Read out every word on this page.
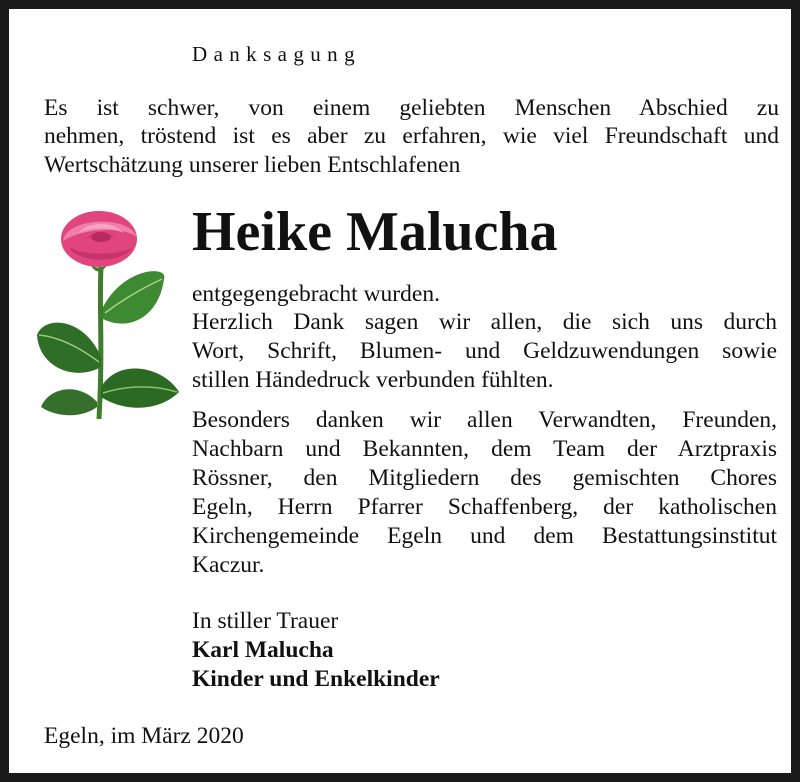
Danksagung

Es ist schwer, von einem geliebten Menschen Abschied zu

nehmen, tröstend ist es aber zu erfahren, wie viel Freundschaft und

Wertschätzung unserer lieben Entschlafenen

Heike Malucha
entgegengebracht wurden.
Herzlich Dank sagen wir allen, die sich uns durch
Wort, Schrift, Blumen- und Geldzuwendungen sowie
stillen Händedruck verbunden fühlten.
Besonders danken wir allen Verwandten, Freunden,
Nachbarn und Bekannten, dem Team der Arztpraxis
Rössner, den Mitgliedern des gemischten Chores
Egeln, Herrn Pfarrer Schaffenberg, der katholischen
Kirchengemeinde Egeln und dem Bestattungsinstitut
Kaczur.
In stiller Trauer
Karl Malucha
Kinder und Enkelkinder
Egeln, im März 2020
